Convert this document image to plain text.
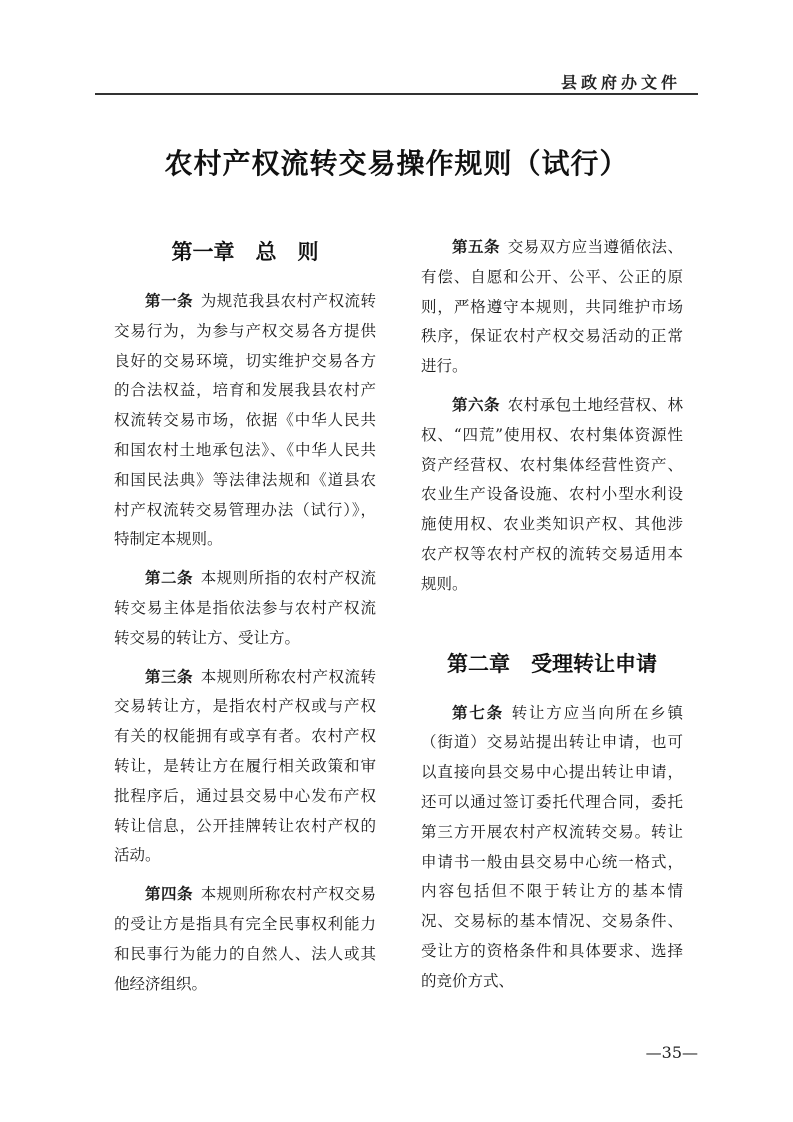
县政府办文件
农村产权流转交易操作规则（试行）
第一章　总　则

第一条 为规范我县农村产权流转交易行为，为参与产权交易各方提供良好的交易环境，切实维护交易各方的合法权益，培育和发展我县农村产权流转交易市场，依据《中华人民共和国农村土地承包法》、《中华人民共和国民法典》等法律法规和《道县农村产权流转交易管理办法（试行）》，特制定本规则。

第二条 本规则所指的农村产权流转交易主体是指依法参与农村产权流转交易的转让方、受让方。

第三条 本规则所称农村产权流转交易转让方，是指农村产权或与产权有关的权能拥有或享有者。农村产权转让，是转让方在履行相关政策和审批程序后，通过县交易中心发布产权转让信息，公开挂牌转让农村产权的活动。

第四条 本规则所称农村产权交易的受让方是指具有完全民事权利能力和民事行为能力的自然人、法人或其他经济组织。

第五条 交易双方应当遵循依法、有偿、自愿和公开、公平、公正的原则，严格遵守本规则，共同维护市场秩序，保证农村产权交易活动的正常进行。

第六条 农村承包土地经营权、林权、“四荒”使用权、农村集体资源性资产经营权、农村集体经营性资产、农业生产设备设施、农村小型水利设施使用权、农业类知识产权、其他涉农产权等农村产权的流转交易适用本规则。

第二章　受理转让申请

第七条 转让方应当向所在乡镇（街道）交易站提出转让申请，也可以直接向县交易中心提出转让申请，还可以通过签订委托代理合同，委托第三方开展农村产权流转交易。转让申请书一般由县交易中心统一格式，内容包括但不限于转让方的基本情况、交易标的基本情况、交易条件、受让方的资格条件和具体要求、选择的竞价方式、

—35—
